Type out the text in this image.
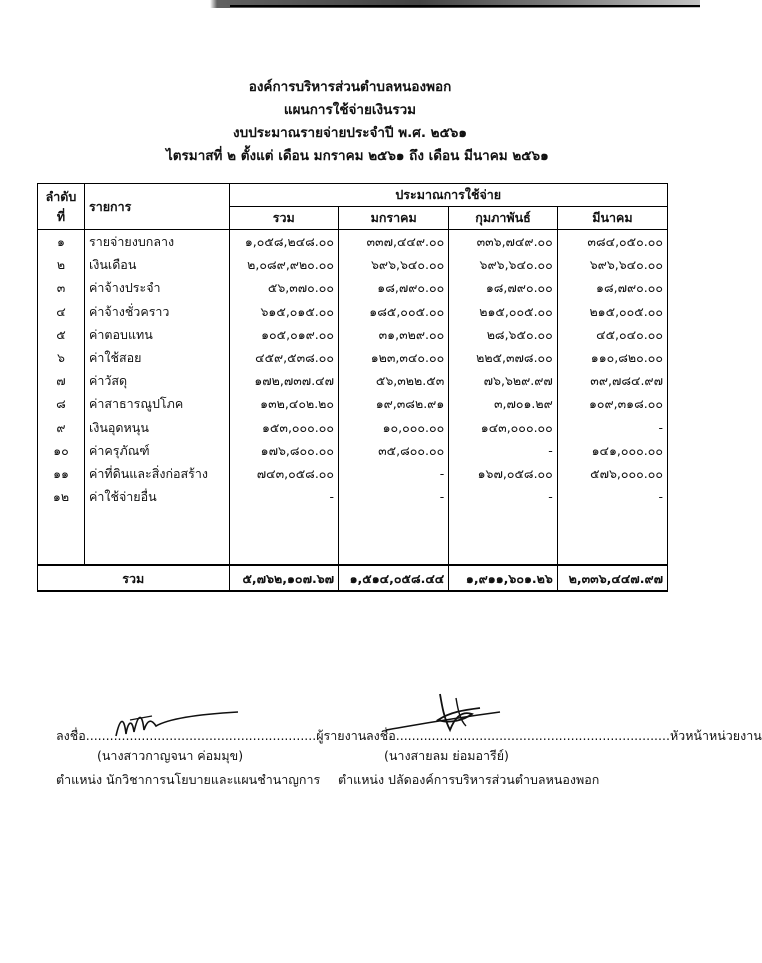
องค์การบริหารส่วนตำบลหนองพอก
แผนการใช้จ่ายเงินรวม
งบประมาณรายจ่ายประจำปี พ.ศ. ๒๕๖๑
ไตรมาสที่ ๒ ตั้งแต่ เดือน มกราคม ๒๕๖๑ ถึง เดือน มีนาคม ๒๕๖๑
ลำดับที่	รายการ	ประมาณการใช้จ่าย			
		รวม	มกราคม	กุมภาพันธ์	มีนาคม
๑	รายจ่ายงบกลาง	๑,๐๕๘,๒๔๘.๐๐	๓๓๗,๔๔๙.๐๐	๓๓๖,๗๔๙.๐๐	๓๘๔,๐๕๐.๐๐
๒	เงินเดือน	๒,๐๘๙,๙๒๐.๐๐	๖๙๖,๖๔๐.๐๐	๖๙๖,๖๔๐.๐๐	๖๙๖,๖๔๐.๐๐
๓	ค่าจ้างประจำ	๕๖,๓๗๐.๐๐	๑๘,๗๙๐.๐๐	๑๘,๗๙๐.๐๐	๑๘,๗๙๐.๐๐
๔	ค่าจ้างชั่วคราว	๖๑๕,๐๑๕.๐๐	๑๘๕,๐๐๕.๐๐	๒๑๕,๐๐๕.๐๐	๒๑๕,๐๐๕.๐๐
๕	ค่าตอบแทน	๑๐๕,๐๑๙.๐๐	๓๑,๓๒๙.๐๐	๒๘,๖๕๐.๐๐	๔๕,๐๔๐.๐๐
๖	ค่าใช้สอย	๔๕๙,๕๓๘.๐๐	๑๒๓,๓๔๐.๐๐	๒๒๕,๓๗๘.๐๐	๑๑๐,๘๒๐.๐๐
๗	ค่าวัสดุ	๑๗๒,๗๓๗.๔๗	๕๖,๓๒๒.๕๓	๗๖,๖๒๙.๙๗	๓๙,๗๘๔.๙๗
๘	ค่าสาธารณูปโภค	๑๓๒,๔๐๒.๒๐	๑๙,๓๘๒.๙๑	๓,๗๐๑.๒๙	๑๐๙,๓๑๘.๐๐
๙	เงินอุดหนุน	๑๕๓,๐๐๐.๐๐	๑๐,๐๐๐.๐๐	๑๔๓,๐๐๐.๐๐	-
๑๐	ค่าครุภัณฑ์	๑๗๖,๘๐๐.๐๐	๓๕,๘๐๐.๐๐	-	๑๔๑,๐๐๐.๐๐
๑๑	ค่าที่ดินและสิ่งก่อสร้าง	๗๔๓,๐๕๘.๐๐	-	๑๖๗,๐๕๘.๐๐	๕๗๖,๐๐๐.๐๐
๑๒	ค่าใช้จ่ายอื่น	-	-	-	-

รวม		๕,๗๖๒,๑๐๗.๖๗	๑,๕๑๔,๐๕๘.๔๔	๑,๙๑๑,๖๐๑.๒๖	๒,๓๓๖,๔๔๗.๙๗
ลงชื่อ..........................................................ผู้รายงาน
(นางสาวกาญจนา ค่อมมุข)
ตำแหน่ง นักวิชาการนโยบายและแผนชำนาญการ
ลงชื่อ.....................................................................หัวหน้าหน่วยงาน
(นางสายลม ย่อมอารีย์)
ตำแหน่ง ปลัดองค์การบริหารส่วนตำบลหนองพอก
